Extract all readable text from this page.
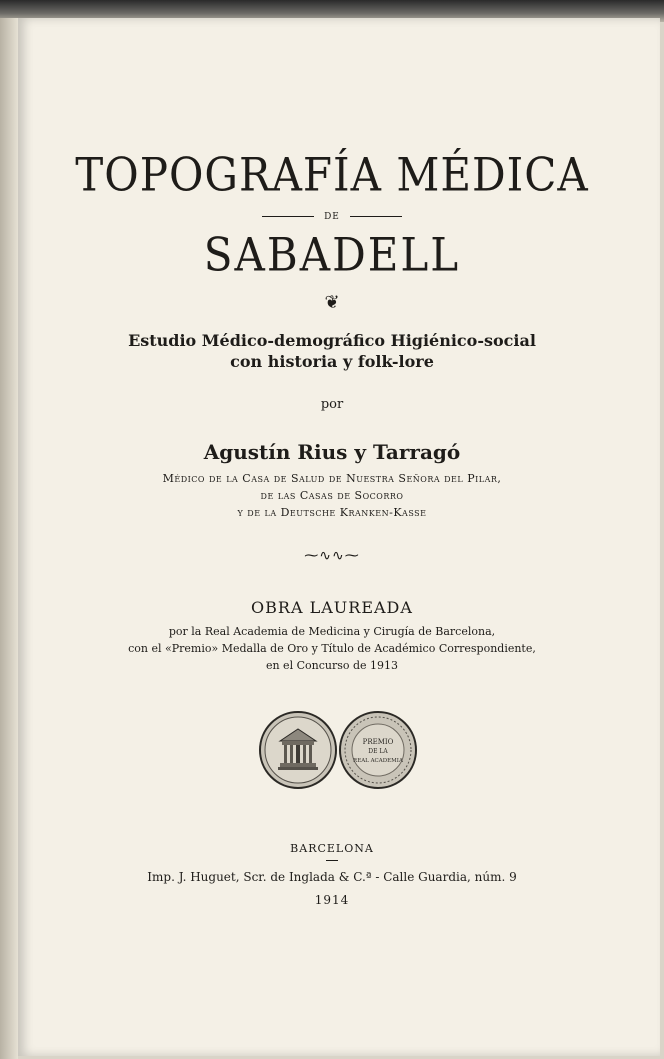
TOPOGRAFÍA MÉDICA
DE
SABADELL
❦
Estudio Médico-demográfico Higiénico-social
con historia y folk-lore
por
Agustín Rius y Tarragó
Médico de la Casa de Salud de Nuestra Señora del Pilar,
de las Casas de Socorro
y de la Deutsche Kranken-Kasse
⁓∿∿⁓
OBRA LAUREADA
por la Real Academia de Medicina y Cirugía de Barcelona,
con el «Premio» Medalla de Oro y Título de Académico Correspondiente,
en el Concurso de 1913
PREMIO
DE LA
REAL ACADEMIA
BARCELONA
Imp. J. Huguet, Scr. de Inglada & C.ª - Calle Guardia, núm. 9
1914
